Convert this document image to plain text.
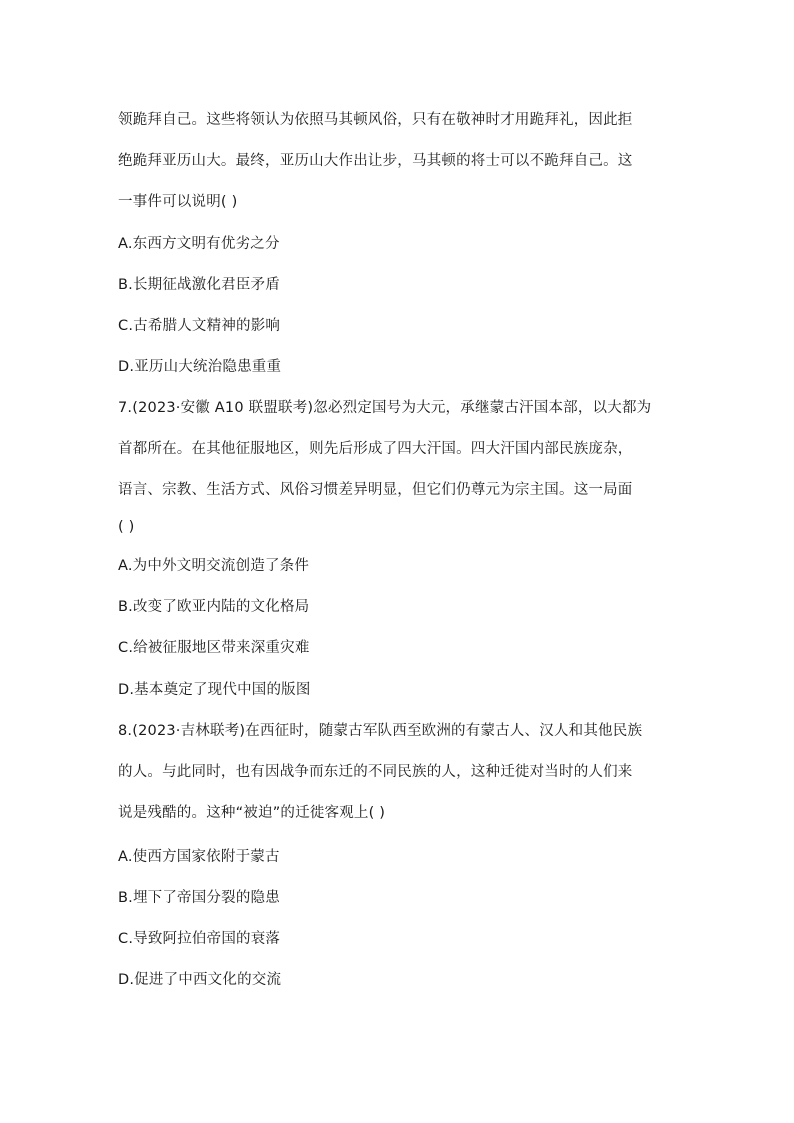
领跪拜自己。这些将领认为依照马其顿风俗，只有在敬神时才用跪拜礼，因此拒
绝跪拜亚历山大。最终，亚历山大作出让步，马其顿的将士可以不跪拜自己。这
一事件可以说明( )
A.东西方文明有优劣之分
B.长期征战激化君臣矛盾
C.古希腊人文精神的影响
D.亚历山大统治隐患重重
7.(2023·安徽 A10 联盟联考)忽必烈定国号为大元，承继蒙古汗国本部，以大都为
首都所在。在其他征服地区，则先后形成了四大汗国。四大汗国内部民族庞杂，
语言、宗教、生活方式、风俗习惯差异明显，但它们仍尊元为宗主国。这一局面
( )
A.为中外文明交流创造了条件
B.改变了欧亚内陆的文化格局
C.给被征服地区带来深重灾难
D.基本奠定了现代中国的版图
8.(2023·吉林联考)在西征时，随蒙古军队西至欧洲的有蒙古人、汉人和其他民族
的人。与此同时，也有因战争而东迁的不同民族的人，这种迁徙对当时的人们来
说是残酷的。这种“被迫”的迁徙客观上( )
A.使西方国家依附于蒙古
B.埋下了帝国分裂的隐患
C.导致阿拉伯帝国的衰落
D.促进了中西文化的交流
